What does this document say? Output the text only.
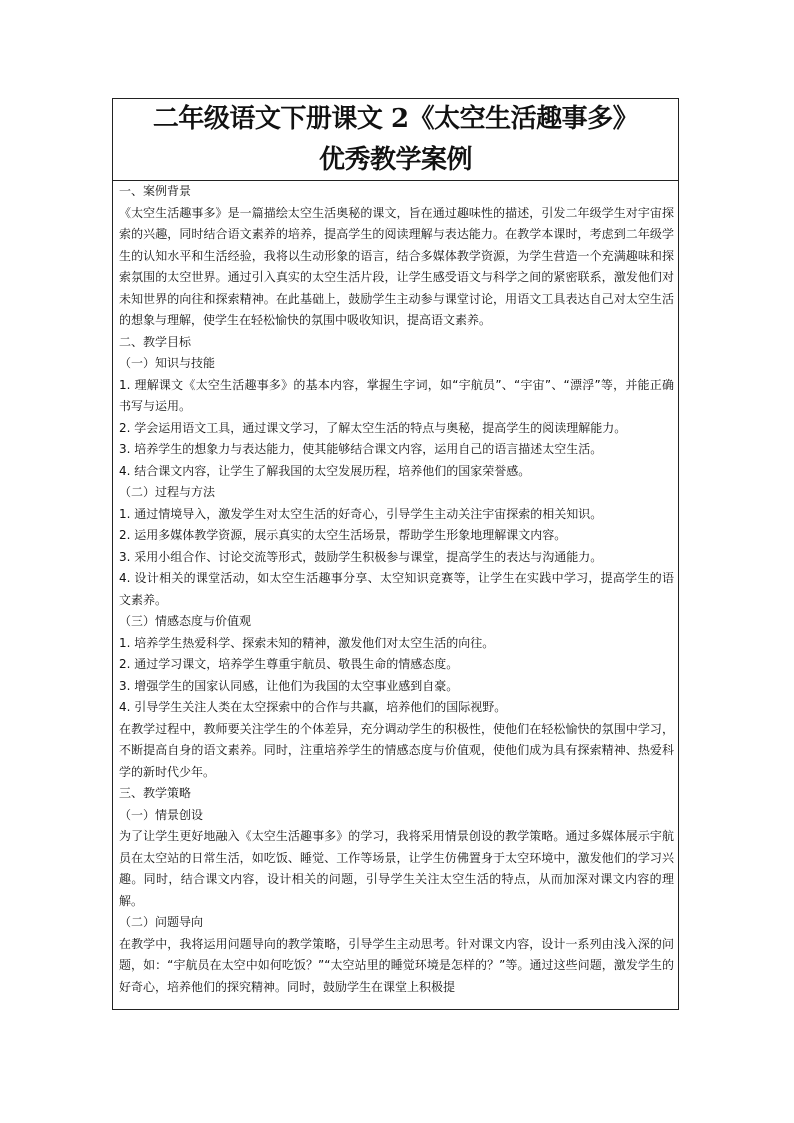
二年级语文下册课文 2《太空生活趣事多》
优秀教学案例

一、案例背景

《太空生活趣事多》是一篇描绘太空生活奥秘的课文，旨在通过趣味性的描述，引发二年级学生对宇宙探索的兴趣，同时结合语文素养的培养，提高学生的阅读理解与表达能力。在教学本课时，考虑到二年级学生的认知水平和生活经验，我将以生动形象的语言，结合多媒体教学资源，为学生营造一个充满趣味和探索氛围的太空世界。通过引入真实的太空生活片段，让学生感受语文与科学之间的紧密联系，激发他们对未知世界的向往和探索精神。在此基础上，鼓励学生主动参与课堂讨论，用语文工具表达自己对太空生活的想象与理解，使学生在轻松愉快的氛围中吸收知识，提高语文素养。

二、教学目标

（一）知识与技能

1. 理解课文《太空生活趣事多》的基本内容，掌握生字词，如“宇航员”、“宇宙”、“漂浮”等，并能正确书写与运用。

2. 学会运用语文工具，通过课文学习，了解太空生活的特点与奥秘，提高学生的阅读理解能力。

3. 培养学生的想象力与表达能力，使其能够结合课文内容，运用自己的语言描述太空生活。

4. 结合课文内容，让学生了解我国的太空发展历程，培养他们的国家荣誉感。

（二）过程与方法

1. 通过情境导入，激发学生对太空生活的好奇心，引导学生主动关注宇宙探索的相关知识。

2. 运用多媒体教学资源，展示真实的太空生活场景，帮助学生形象地理解课文内容。

3. 采用小组合作、讨论交流等形式，鼓励学生积极参与课堂，提高学生的表达与沟通能力。

4. 设计相关的课堂活动，如太空生活趣事分享、太空知识竞赛等，让学生在实践中学习，提高学生的语文素养。

（三）情感态度与价值观

1. 培养学生热爱科学、探索未知的精神，激发他们对太空生活的向往。

2. 通过学习课文，培养学生尊重宇航员、敬畏生命的情感态度。

3. 增强学生的国家认同感，让他们为我国的太空事业感到自豪。

4. 引导学生关注人类在太空探索中的合作与共赢，培养他们的国际视野。

在教学过程中，教师要关注学生的个体差异，充分调动学生的积极性，使他们在轻松愉快的氛围中学习，不断提高自身的语文素养。同时，注重培养学生的情感态度与价值观，使他们成为具有探索精神、热爱科学的新时代少年。

三、教学策略

（一）情景创设

为了让学生更好地融入《太空生活趣事多》的学习，我将采用情景创设的教学策略。通过多媒体展示宇航员在太空站的日常生活，如吃饭、睡觉、工作等场景，让学生仿佛置身于太空环境中，激发他们的学习兴趣。同时，结合课文内容，设计相关的问题，引导学生关注太空生活的特点，从而加深对课文内容的理解。

（二）问题导向

在教学中，我将运用问题导向的教学策略，引导学生主动思考。针对课文内容，设计一系列由浅入深的问题，如：“宇航员在太空中如何吃饭？”“太空站里的睡觉环境是怎样的？”等。通过这些问题，激发学生的好奇心，培养他们的探究精神。同时，鼓励学生在课堂上积极提
